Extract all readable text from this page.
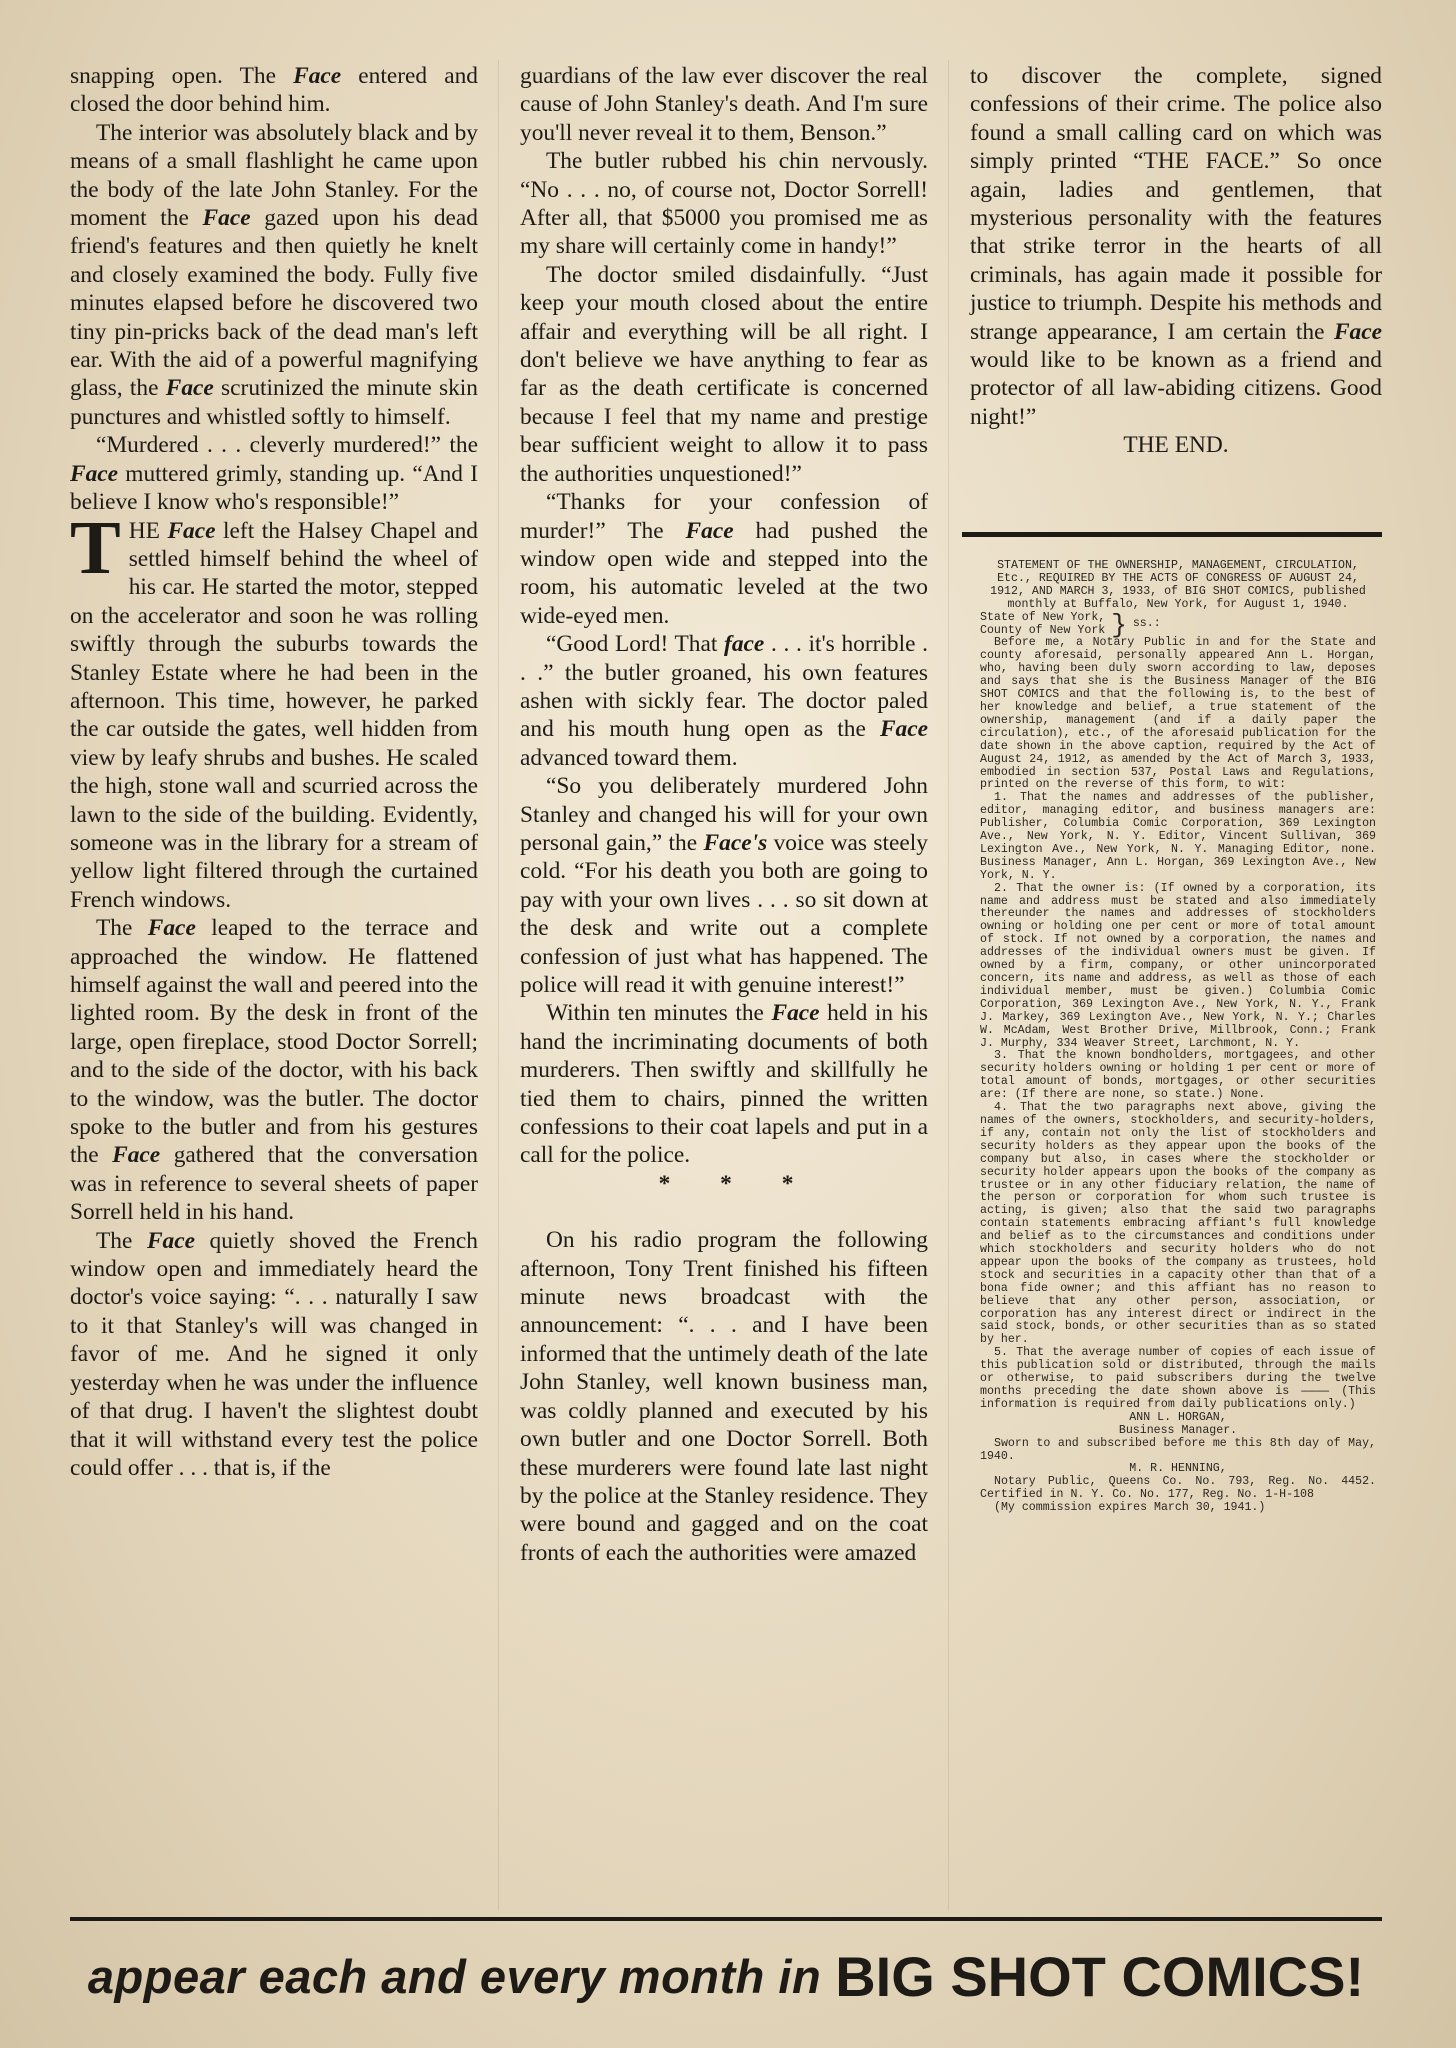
snapping open. The Face entered and closed the door behind him.

The interior was absolutely black and by means of a small flashlight he came upon the body of the late John Stanley. For the moment the Face gazed upon his dead friend's features and then quietly he knelt and closely examined the body. Fully five minutes elapsed before he discovered two tiny pin-pricks back of the dead man's left ear. With the aid of a powerful magnifying glass, the Face scrutinized the minute skin punctures and whistled softly to himself.

“Murdered . . . cleverly murdered!” the Face muttered grimly, standing up. “And I believe I know who's responsible!”

THE Face left the Halsey Chapel and settled himself behind the wheel of his car. He started the motor, stepped on the accelerator and soon he was rolling swiftly through the suburbs towards the Stanley Estate where he had been in the afternoon. This time, however, he parked the car outside the gates, well hidden from view by leafy shrubs and bushes. He scaled the high, stone wall and scurried across the lawn to the side of the building. Evidently, someone was in the library for a stream of yellow light filtered through the curtained French windows.

The Face leaped to the terrace and approached the window. He flattened himself against the wall and peered into the lighted room. By the desk in front of the large, open fireplace, stood Doctor Sorrell; and to the side of the doctor, with his back to the window, was the butler. The doctor spoke to the butler and from his gestures the Face gathered that the conversation was in reference to several sheets of paper Sorrell held in his hand.

The Face quietly shoved the French window open and immediately heard the doctor's voice saying: “. . . naturally I saw to it that Stanley's will was changed in favor of me. And he signed it only yesterday when he was under the influence of that drug. I haven't the slightest doubt that it will withstand every test the police could offer . . . that is, if the

guardians of the law ever discover the real cause of John Stanley's death. And I'm sure you'll never reveal it to them, Benson.”

The butler rubbed his chin nervously. “No . . . no, of course not, Doctor Sorrell! After all, that $5000 you promised me as my share will certainly come in handy!”

The doctor smiled disdainfully. “Just keep your mouth closed about the entire affair and everything will be all right. I don't believe we have anything to fear as far as the death certificate is concerned because I feel that my name and prestige bear sufficient weight to allow it to pass the authorities unquestioned!”

“Thanks for your confession of murder!” The Face had pushed the window open wide and stepped into the room, his automatic leveled at the two wide-eyed men.

“Good Lord! That face . . . it's horrible . . .” the butler groaned, his own features ashen with sickly fear. The doctor paled and his mouth hung open as the Face advanced toward them.

“So you deliberately murdered John Stanley and changed his will for your own personal gain,” the Face's voice was steely cold. “For his death you both are going to pay with your own lives . . . so sit down at the desk and write out a complete confession of just what has happened. The police will read it with genuine interest!”

Within ten minutes the Face held in his hand the incriminating documents of both murderers. Then swiftly and skillfully he tied them to chairs, pinned the written confessions to their coat lapels and put in a call for the police.

* * *

On his radio program the following afternoon, Tony Trent finished his fifteen minute news broadcast with the announcement: “. . . and I have been informed that the untimely death of the late John Stanley, well known business man, was coldly planned and executed by his own butler and one Doctor Sorrell. Both these murderers were found late last night by the police at the Stanley residence. They were bound and gagged and on the coat fronts of each the authorities were amazed

to discover the complete, signed confessions of their crime. The police also found a small calling card on which was simply printed “THE FACE.” So once again, ladies and gentlemen, that mysterious personality with the features that strike terror in the hearts of all criminals, has again made it possible for justice to triumph. Despite his methods and strange appearance, I am certain the Face would like to be known as a friend and protector of all law-abiding citizens. Good night!”

THE END.

STATEMENT OF THE OWNERSHIP, MANAGEMENT, CIRCULATION, Etc., REQUIRED BY THE ACTS OF CONGRESS OF AUGUST 24, 1912, AND MARCH 3, 1933, of BIG SHOT COMICS, published monthly at Buffalo, New York, for August 1, 1940.

State of New York,
County of New York } ss.:

Before me, a Notary Public in and for the State and county aforesaid, personally appeared Ann L. Horgan, who, having been duly sworn according to law, deposes and says that she is the Business Manager of the BIG SHOT COMICS and that the following is, to the best of her knowledge and belief, a true statement of the ownership, management (and if a daily paper the circulation), etc., of the aforesaid publication for the date shown in the above caption, required by the Act of August 24, 1912, as amended by the Act of March 3, 1933, embodied in section 537, Postal Laws and Regulations, printed on the reverse of this form, to wit:

1. That the names and addresses of the publisher, editor, managing editor, and business managers are: Publisher, Columbia Comic Corporation, 369 Lexington Ave., New York, N. Y. Editor, Vincent Sullivan, 369 Lexington Ave., New York, N. Y. Managing Editor, none. Business Manager, Ann L. Horgan, 369 Lexington Ave., New York, N. Y.

2. That the owner is: (If owned by a corporation, its name and address must be stated and also immediately thereunder the names and addresses of stockholders owning or holding one per cent or more of total amount of stock. If not owned by a corporation, the names and addresses of the individual owners must be given. If owned by a firm, company, or other unincorporated concern, its name and address, as well as those of each individual member, must be given.) Columbia Comic Corporation, 369 Lexington Ave., New York, N. Y., Frank J. Markey, 369 Lexington Ave., New York, N. Y.; Charles W. McAdam, West Brother Drive, Millbrook, Conn.; Frank J. Murphy, 334 Weaver Street, Larchmont, N. Y.

3. That the known bondholders, mortgagees, and other security holders owning or holding 1 per cent or more of total amount of bonds, mortgages, or other securities are: (If there are none, so state.) None.

4. That the two paragraphs next above, giving the names of the owners, stockholders, and security-holders, if any, contain not only the list of stockholders and security holders as they appear upon the books of the company but also, in cases where the stockholder or security holder appears upon the books of the company as trustee or in any other fiduciary relation, the name of the person or corporation for whom such trustee is acting, is given; also that the said two paragraphs contain statements embracing affiant's full knowledge and belief as to the circumstances and conditions under which stockholders and security holders who do not appear upon the books of the company as trustees, hold stock and securities in a capacity other than that of a bona fide owner; and this affiant has no reason to believe that any other person, association, or corporation has any interest direct or indirect in the said stock, bonds, or other securities than as so stated by her.

5. That the average number of copies of each issue of this publication sold or distributed, through the mails or otherwise, to paid subscribers during the twelve months preceding the date shown above is ———— (This information is required from daily publications only.)

ANN L. HORGAN,

Business Manager.

Sworn to and subscribed before me this 8th day of May, 1940.

M. R. HENNING,

Notary Public, Queens Co. No. 793, Reg. No. 4452. Certified in N. Y. Co. No. 177, Reg. No. 1-H-108

(My commission expires March 30, 1941.)

appear each and every month in BIG SHOT COMICS!
